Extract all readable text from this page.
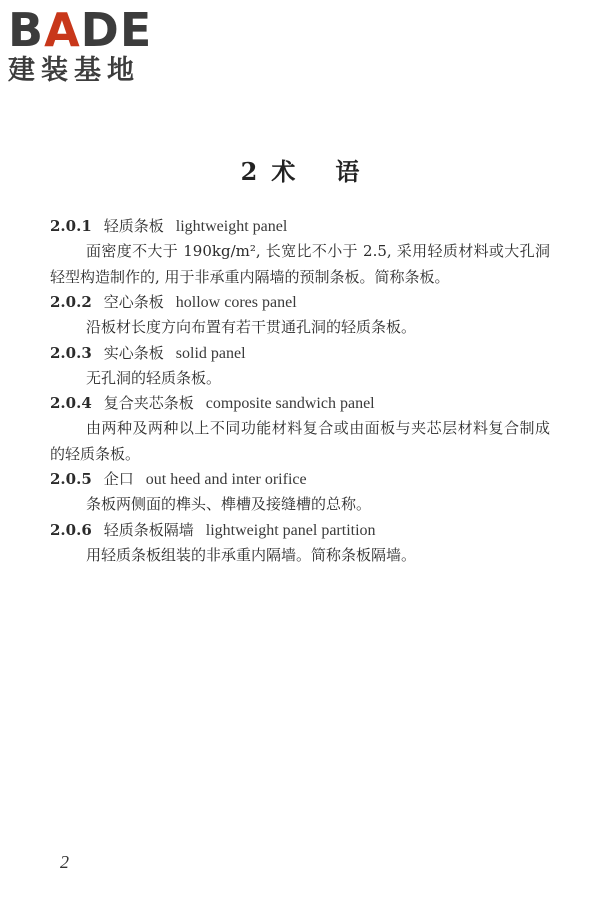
BADE
建装基地
2 术 语
2.0.1 轻质条板 lightweight panel
面密度不大于 190kg/m², 长宽比不小于 2.5, 采用轻质材料或大孔洞轻型构造制作的, 用于非承重内隔墙的预制条板。简称条板。
2.0.2 空心条板 hollow cores panel
沿板材长度方向布置有若干贯通孔洞的轻质条板。
2.0.3 实心条板 solid panel
无孔洞的轻质条板。
2.0.4 复合夹芯条板 composite sandwich panel
由两种及两种以上不同功能材料复合或由面板与夹芯层材料复合制成的轻质条板。
2.0.5 企口 out heed and inter orifice
条板两侧面的榫头、榫槽及接缝槽的总称。
2.0.6 轻质条板隔墙 lightweight panel partition
用轻质条板组装的非承重内隔墙。简称条板隔墙。
2
